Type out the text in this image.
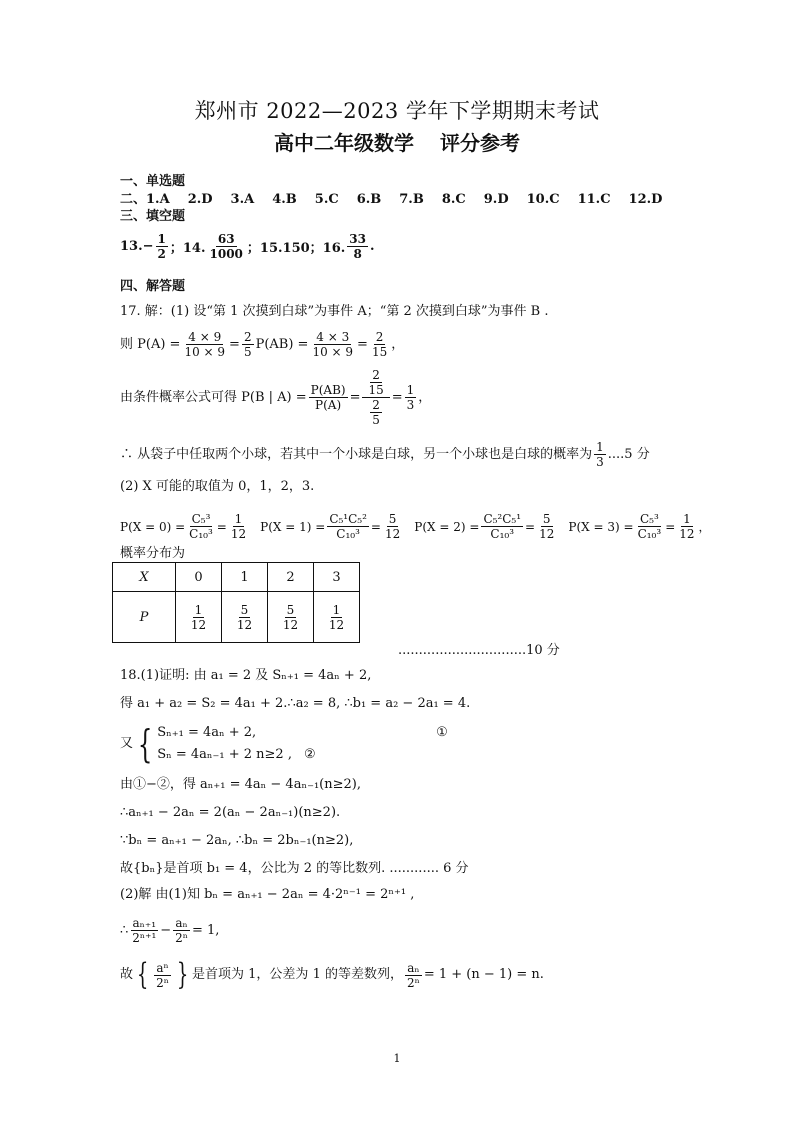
郑州市 2022—2023 学年下学期期末考试
高中二年级数学 评分参考
一、单选题
二、1.A 2.D 3.A 4.B 5.C 6.B 7.B 8.C 9.D 10.C 11.C 12.D
三、填空题
$13.- \frac{1}{2}$ ；14. $\frac{63}{1000}$ ；15.150；16. $\frac{33}{8}$ .
四、解答题
17. 解：(1) 设“第 1 次摸到白球”为事件 A；“第 2 次摸到白球”为事件 B .
则 $P(A) = \frac{4 \times 9}{10 \times 9} = \frac{2}{5} P(AB) = \frac{4 \times 3}{10 \times 9} = \frac{2}{15}$ ，
由条件概率公式可得 P(B | $A) = \frac{P(AB)}{P(A)} = \frac{\frac{2}{15}}{\frac{2}{5}} = \frac{1}{3}$ ，
∴ 从袋子中任取两个小球，若其中一个小球是白球，另一个小球也是白球的概率为 $\frac{1}{3} ....5$ 分
(2) X 可能的取值为 0，1，2，3.
$P(X = 0) = \frac{\text{C₅³}}{\text{C₁₀³}} = \frac{1}{12} P(X = 1) = \frac{\text{C₅¹C₅²}}{\text{C₁₀³}} = \frac{5}{12} P(X = 2) = \frac{\text{C₅²C₅¹}}{\text{C₁₀³}} = \frac{5}{12} P(X = 3) = \frac{\text{C₅³}}{\text{C₁₀³}} = \frac{1}{12}$ ，
概率分布为
X	0	1	2	3
P	$\frac{1}{12}$	$\frac{5}{12}$	$\frac{5}{12}$	$\frac{1}{12}$
...............................10 分
18.(1)证明: 由 a₁ = 2 及 Sₙ₊₁ = 4aₙ + 2,
得 a₁ + a₂ = S₂ = 4a₁ + 2.∴a₂ = 8, ∴b₁ = a₂ − 2a₁ = 4.
又 { Sₙ₊₁ = 4aₙ + 2,	①
Sₙ = 4aₙ₋₁ + 2 n≥2 , ②
由①−②，得 aₙ₊₁ = 4aₙ − 4aₙ₋₁(n≥2),
∴aₙ₊₁ − 2aₙ = 2(aₙ − 2aₙ₋₁)(n≥2).
∵bₙ = aₙ₊₁ − 2aₙ, ∴bₙ = 2bₙ₋₁(n≥2),
故{bₙ}是首项 b₁ = 4，公比为 2 的等比数列. ............ 6 分
(2)解 由(1)知 bₙ = aₙ₊₁ − 2aₙ = 4·2ⁿ⁻¹ = 2ⁿ⁺¹ ,
∴ $\frac{\text{aₙ₊₁}}{\text{2ⁿ⁺¹}} - \frac{\text{aₙ}}{\text{2ⁿ}} = 1$,
故 { $\frac{\text{aⁿ}}{\text{2ⁿ}}$ } 是首项为 1，公差为 1 的等差数列， $\frac{\text{aₙ}}{\text{2ⁿ}} = 1 + (n - 1) = n$.
1
